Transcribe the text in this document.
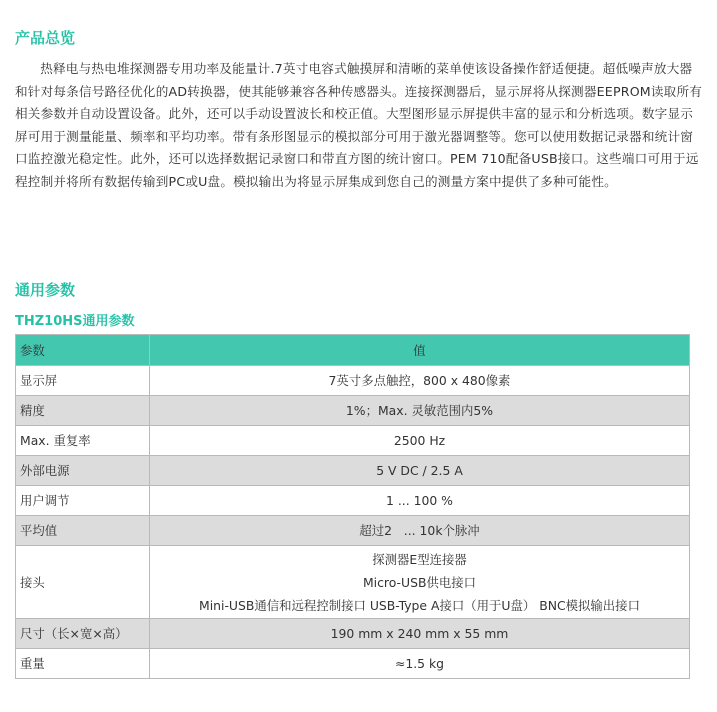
产品总览

热释电与热电堆探测器专用功率及能量计.7英寸电容式触摸屏和清晰的菜单使该设备操作舒适便捷。超低噪声放大器和针对每条信号路径优化的AD转换器，使其能够兼容各种传感器头。连接探测器后，显示屏将从探测器EEPROM读取所有相关参数并自动设置设备。此外，还可以手动设置波长和校正值。大型图形显示屏提供丰富的显示和分析选项。数字显示屏可用于测量能量、频率和平均功率。带有条形图显示的模拟部分可用于激光器调整等。您可以使用数据记录器和统计窗口监控激光稳定性。此外，还可以选择数据记录窗口和带直方图的统计窗口。PEM 710配备USB接口。这些端口可用于远程控制并将所有数据传输到PC或U盘。模拟输出为将显示屏集成到您自己的测量方案中提供了多种可能性。

通用参数
THZ10HS通用参数
参数	值
显示屏	7英寸多点触控，800 x 480像素
精度	1%；Max. 灵敏范围内5%
Max. 重复率	2500 Hz
外部电源	5 V DC / 2.5 A
用户调节	1 ... 100 %
平均值	超过2   ... 10k个脉冲
接头	探测器E型连接器
Micro-USB供电接口
Mini-USB通信和远程控制接口 USB-Type A接口（用于U盘） BNC模拟输出接口

尺寸（长×宽×高）	190 mm x 240 mm x 55 mm
重量	≈1.5 kg
